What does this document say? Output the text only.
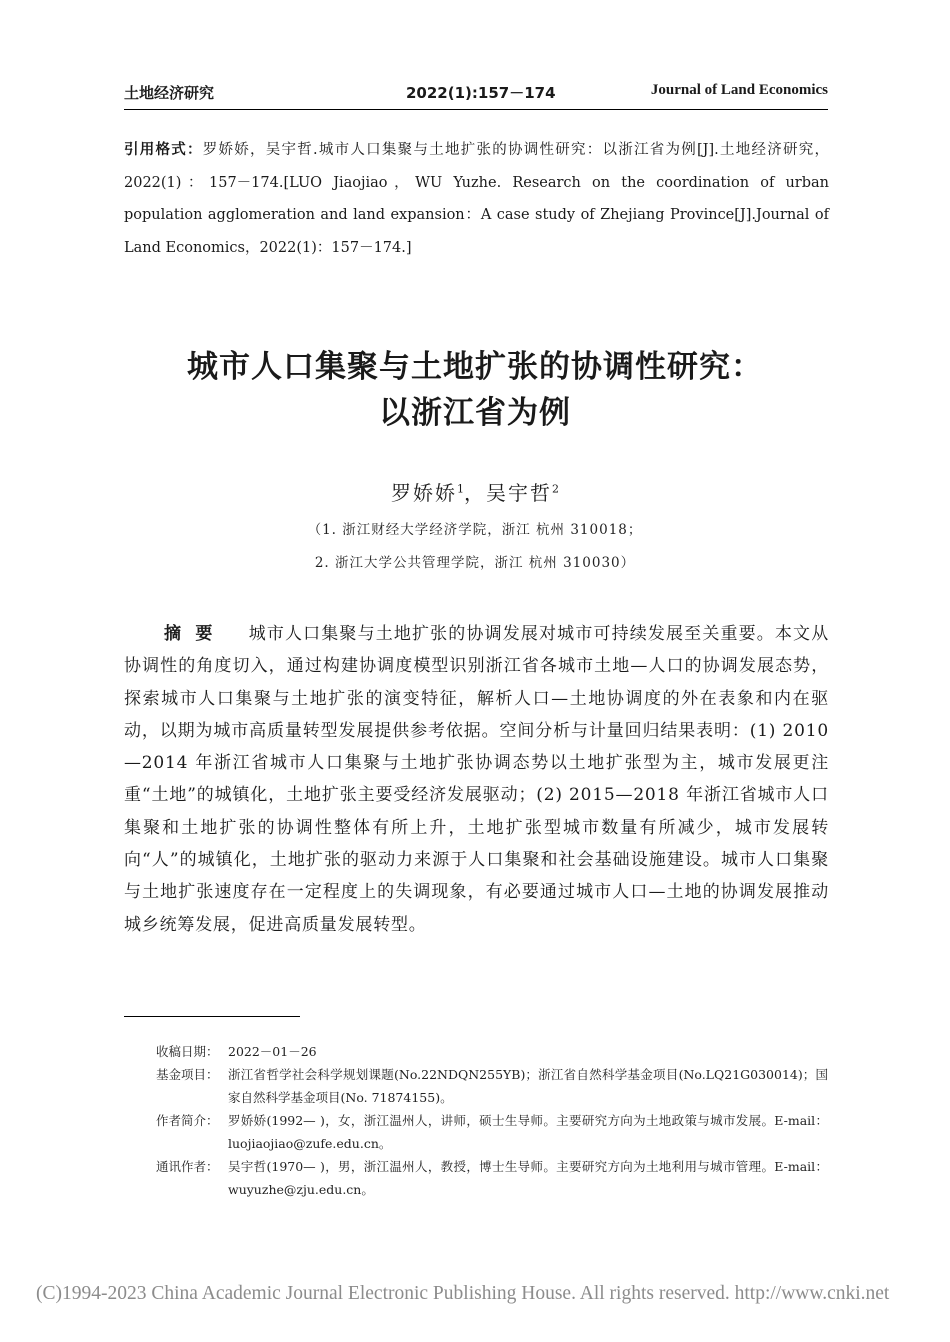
土地经济研究	2022(1):157－174	Journal of Land Economics
引用格式：罗娇娇，吴宇哲.城市人口集聚与土地扩张的协调性研究：以浙江省为例[J].土地经济研究，2022(1)：157－174.[LUO Jiaojiao，WU Yuzhe. Research on the coordination of urban population agglomeration and land expansion：A case study of Zhejiang Province[J].Journal of Land Economics，2022(1)：157－174.]
城市人口集聚与土地扩张的协调性研究：
以浙江省为例
罗娇娇$^1$，吴宇哲$^2$
（1. 浙江财经大学经济学院，浙江 杭州 310018；
2. 浙江大学公共管理学院，浙江 杭州 310030）
摘要 城市人口集聚与土地扩张的协调发展对城市可持续发展至关重要。本文从协调性的角度切入，通过构建协调度模型识别浙江省各城市土地—人口的协调发展态势，探索城市人口集聚与土地扩张的演变特征，解析人口—土地协调度的外在表象和内在驱动，以期为城市高质量转型发展提供参考依据。空间分析与计量回归结果表明：(1) 2010—2014 年浙江省城市人口集聚与土地扩张协调态势以土地扩张型为主，城市发展更注重“土地”的城镇化，土地扩张主要受经济发展驱动；(2) 2015—2018 年浙江省城市人口集聚和土地扩张的协调性整体有所上升，土地扩张型城市数量有所减少，城市发展转向“人”的城镇化，土地扩张的驱动力来源于人口集聚和社会基础设施建设。城市人口集聚与土地扩张速度存在一定程度上的失调现象，有必要通过城市人口—土地的协调发展推动城乡统筹发展，促进高质量发展转型。
收稿日期： 2022－01－26
基金项目： 浙江省哲学社会科学规划课题(No.22NDQN255YB)；浙江省自然科学基金项目(No.LQ21G030014)；国家自然科学基金项目(No. 71874155)。
作者简介： 罗娇娇(1992— )，女，浙江温州人，讲师，硕士生导师。主要研究方向为土地政策与城市发展。E-mail：luojiaojiao@zufe.edu.cn。
通讯作者： 吴宇哲(1970— )，男，浙江温州人，教授，博士生导师。主要研究方向为土地利用与城市管理。E-mail：wuyuzhe@zju.edu.cn。
(C)1994-2023 China Academic Journal Electronic Publishing House. All rights reserved. http://www.cnki.net
